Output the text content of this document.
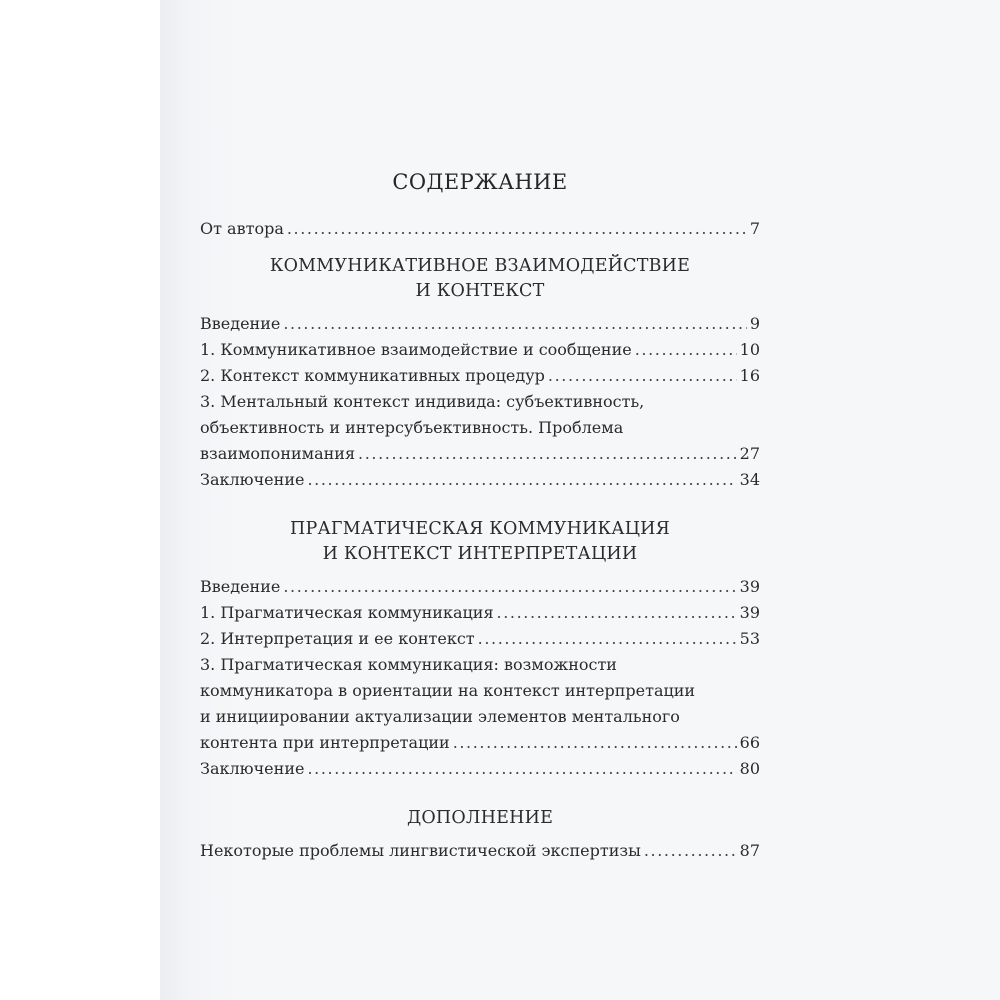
СОДЕРЖАНИЕ
От автора .....	7
КОММУНИКАТИВНОЕ ВЗАИМОДЕЙСТВИЕ
И КОНТЕКСТ
Введение .....	9
1. Коммуникативное взаимодействие и сообщение .....	10
2. Контекст коммуникативных процедур .....	16
3. Ментальный контекст индивида: субъективность,
объективность и интерсубъективность. Проблема
взаимопонимания .....	27
Заключение .....	34
ПРАГМАТИЧЕСКАЯ КОММУНИКАЦИЯ
И КОНТЕКСТ ИНТЕРПРЕТАЦИИ
Введение .....	39
1. Прагматическая коммуникация .....	39
2. Интерпретация и ее контекст .....	53
3. Прагматическая коммуникация: возможности
коммуникатора в ориентации на контекст интерпретации
и инициировании актуализации элементов ментального
контента при интерпретации .....	66
Заключение .....	80
ДОПОЛНЕНИЕ
Некоторые проблемы лингвистической экспертизы .....	87
